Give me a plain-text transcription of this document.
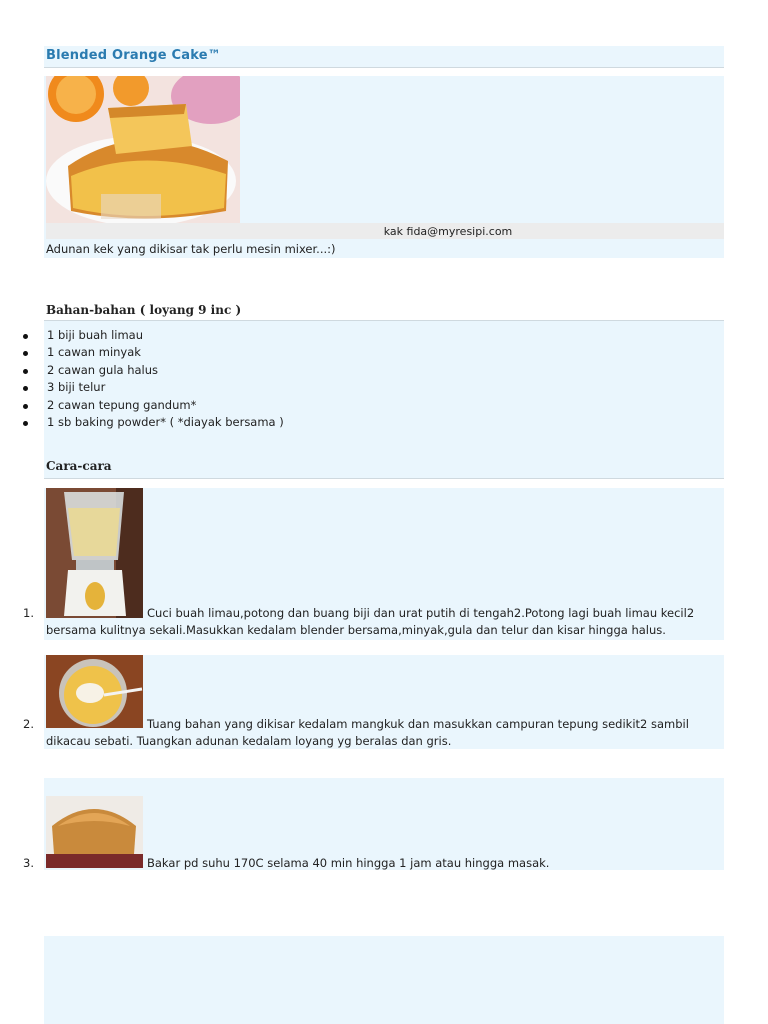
Blended Orange Cake™
kak fida@myresipi.com
Adunan kek yang dikisar tak perlu mesin mixer...:)
Bahan-bahan ( loyang 9 inc )
1 biji buah limau
1 cawan minyak
2 cawan gula halus
3 biji telur
2 cawan tepung gandum*
1 sb baking powder* ( *diayak bersama )
Cara-cara
1.	Cuci buah limau,potong dan buang biji dan urat putih di tengah2.Potong lagi buah limau kecil2
bersama kulitnya sekali.Masukkan kedalam blender bersama,minyak,gula dan telur dan kisar hingga halus.
2.	Tuang bahan yang dikisar kedalam mangkuk dan masukkan campuran tepung sedikit2 sambil
dikacau sebati. Tuangkan adunan kedalam loyang yg beralas dan gris.
3.	Bakar pd suhu 170C selama 40 min hingga 1 jam atau hingga masak.
